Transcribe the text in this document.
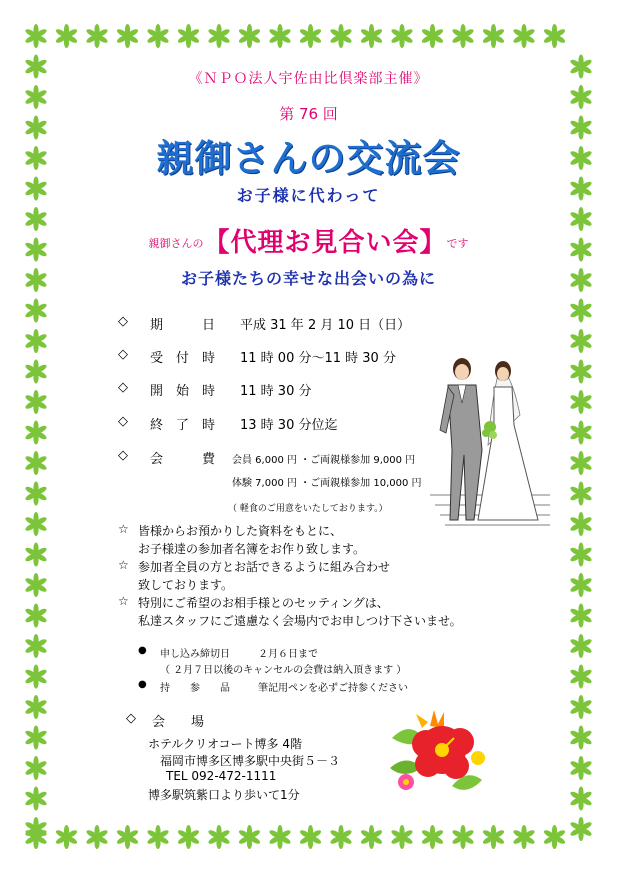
《ＮＰＯ法人宇佐由比倶楽部主催》
第 76 回
親御さんの交流会
お子様に代わって
$^{親御さんの}$【代理お見合い会】$^{です}$
お子様たちの幸せな出会いの為に
◇ 期　　　日 平成 31 年 2 月 10 日（日）
◇ 受　付　時 11 時 00 分～11 時 30 分
◇ 開　始　時 11 時 30 分
◇ 終　了　時 13 時 30 分位迄
◇ 会　　　費 会員 6,000 円 ・ご両親様参加 9,000 円
体験 7,000 円 ・ご両親様参加 10,000 円
（ 軽食のご用意をいたしております。）
☆ 皆様からお預かりした資料をもとに、
お子様達の参加者名簿をお作り致します。
☆ 参加者全員の方とお話できるように組み合わせ
致しております。
☆ 特別にご希望のお相手様とのセッティングは、
私達スタッフにご遠慮なく会場内でお申しつけ下さいませ。
● 申し込み締切日	２月６日まで
（ ２月７日以後のキャンセルの会費は納入頂きます ）
● 持　　参　　品	筆記用ペンを必ずご持参ください
◇ 会　　場
ホテルクリオコート博多 4階
福岡市博多区博多駅中央街５－３
TEL 092-472-1111
博多駅筑紫口より歩いて1分
